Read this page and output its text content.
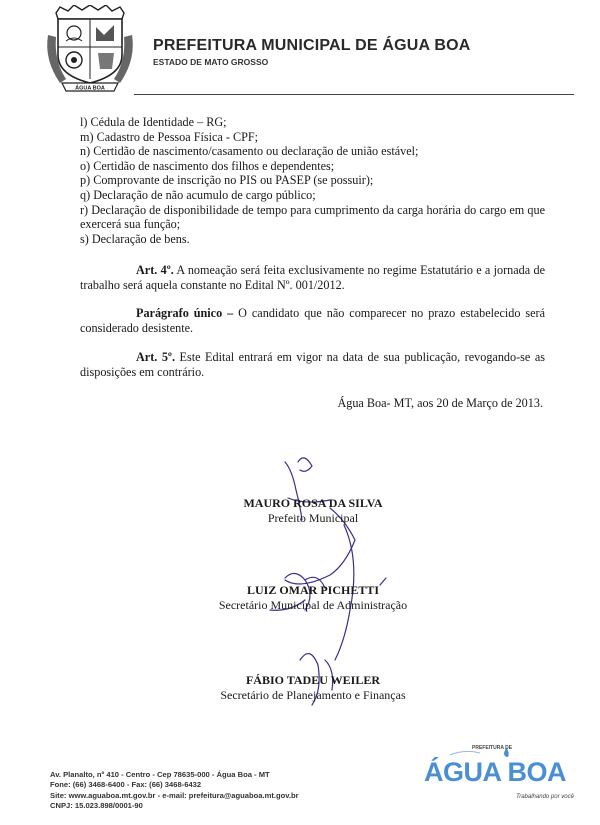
ÁGUA BOA
PREFEITURA MUNICIPAL DE ÁGUA BOA
ESTADO DE MATO GROSSO
l) Cédula de Identidade – RG;
m) Cadastro de Pessoa Física - CPF;
n) Certidão de nascimento/casamento ou declaração de união estável;
o) Certidão de nascimento dos filhos e dependentes;
p) Comprovante de inscrição no PIS ou PASEP (se possuir);
q) Declaração de não acumulo de cargo público;
r) Declaração de disponibilidade de tempo para cumprimento da carga horária do cargo em que exercerá sua função;
s) Declaração de bens.
Art. 4º. A nomeação será feita exclusivamente no regime Estatutário e a jornada de trabalho será aquela constante no Edital Nº. 001/2012.
Parágrafo único – O candidato que não comparecer no prazo estabelecido será considerado desistente.
Art. 5º. Este Edital entrará em vigor na data de sua publicação, revogando-se as disposições em contrário.
Água Boa- MT, aos 20 de Março de 2013.
MAURO ROSA DA SILVA
Prefeito Municipal
LUIZ OMAR PICHETTI
Secretário Municipal de Administração
FÁBIO TADEU WEILER
Secretário de Planejamento e Finanças
Av. Planalto, nº 410 - Centro - Cep 78635-000 - Água Boa - MT
Fone: (66) 3468-6400 - Fax: (66) 3468-6432
Site: www.aguaboa.mt.gov.br - e-mail: prefeitura@aguaboa.mt.gov.br
CNPJ: 15.023.898/0001-90
PREFEITURA DE
ÁGUA BOA
Trabalhando por você
